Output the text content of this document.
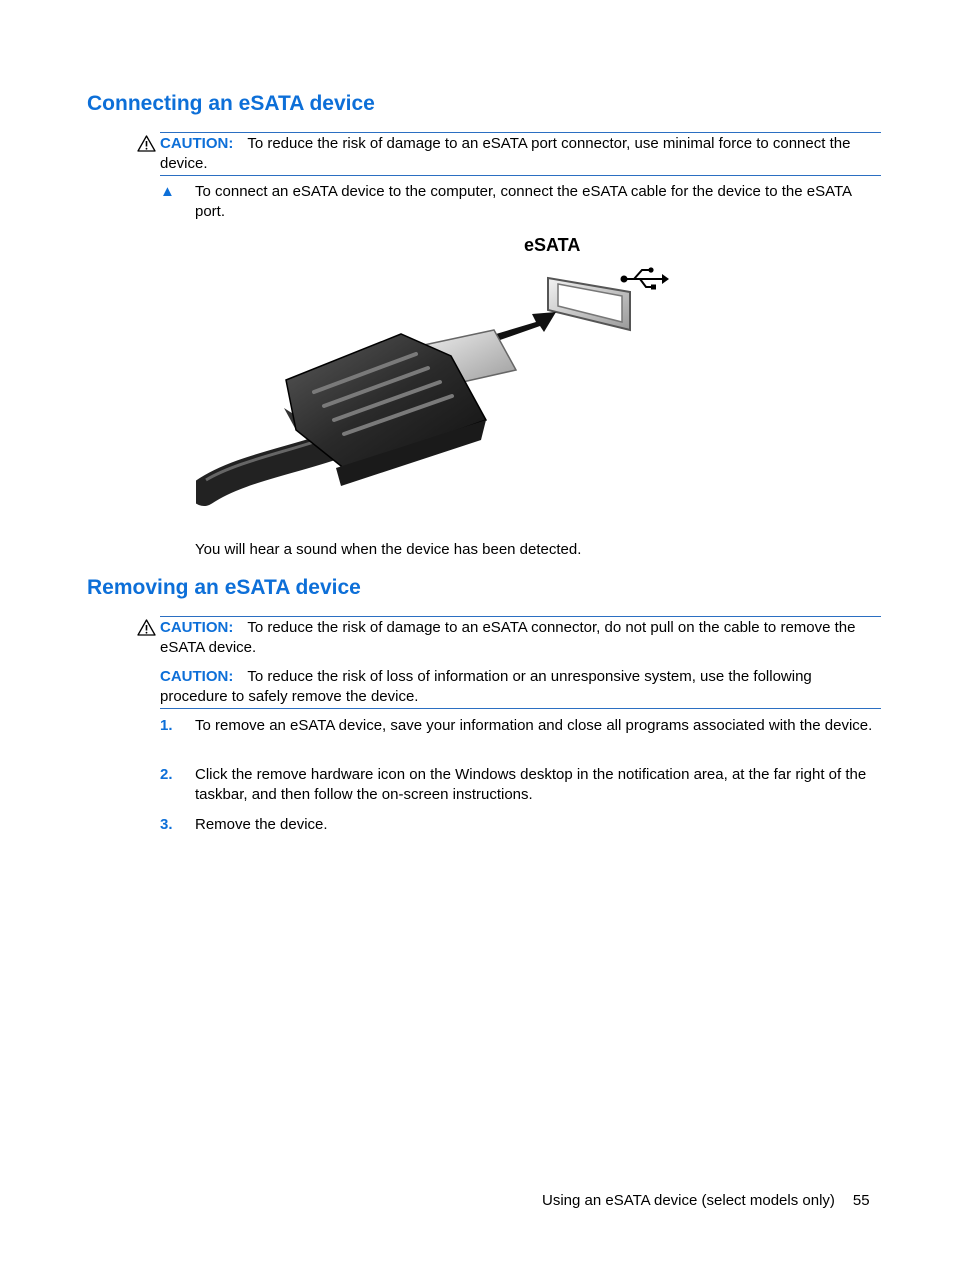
Connecting an eSATA device
CAUTION: To reduce the risk of damage to an eSATA port connector, use minimal force to connect the device.
▲ To connect an eSATA device to the computer, connect the eSATA cable for the device to the eSATA port.
eSATA
You will hear a sound when the device has been detected.
Removing an eSATA device
CAUTION: To reduce the risk of damage to an eSATA connector, do not pull on the cable to remove the eSATA device.
CAUTION: To reduce the risk of loss of information or an unresponsive system, use the following procedure to safely remove the device.
1. To remove an eSATA device, save your information and close all programs associated with the device.
2. Click the remove hardware icon on the Windows desktop in the notification area, at the far right of the taskbar, and then follow the on-screen instructions.
3. Remove the device.
Using an eSATA device (select models only) 55
